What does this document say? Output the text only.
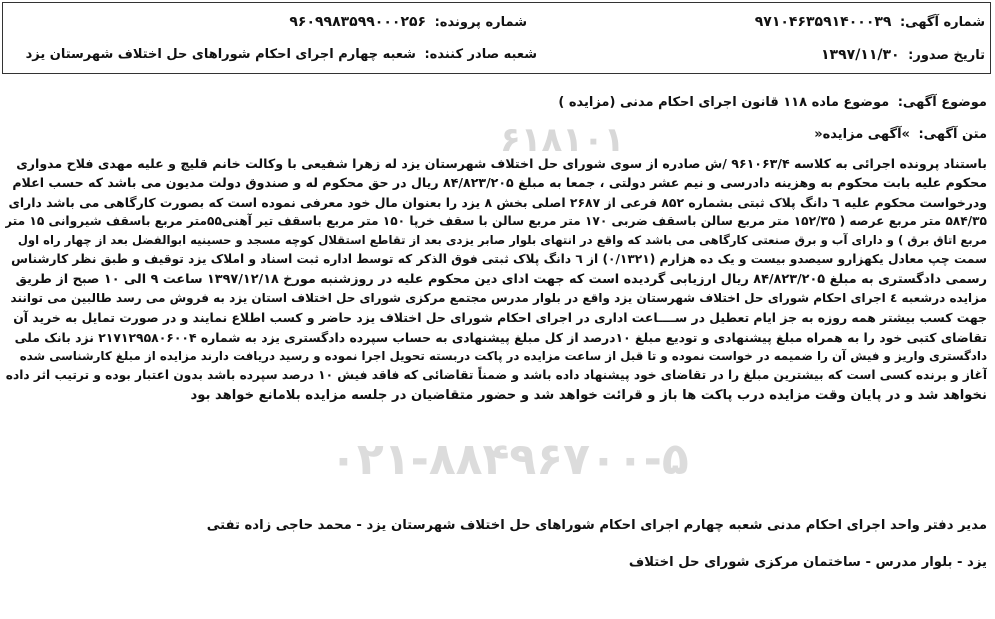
۶۱۸۱۰۱
۰۲۱-۸۸۴۹۶۷۰۰-۵
شماره آگهی: ۹۷۱۰۴۶۳۵۹۱۴۰۰۰۳۹
شماره پرونده: ۹۶۰۹۹۸۳۵۹۹۰۰۰۲۵۶
تاریخ صدور: ۱۳۹۷/۱۱/۳۰
شعبه صادر کننده: شعبه چهارم اجرای احکام شوراهای حل اختلاف شهرستان یزد
موضوع آگهی: موضوع ماده ۱۱۸ قانون اجرای احکام مدنی (مزایده )
متن آگهی: »آگهی مزایده«
باستناد پرونده اجرائی به کلاسه ۹۶۱۰۶۳/۴ /ش صادره از سوی شورای حل اختلاف شهرستان یزد له زهرا شفیعی با وکالت خانم قلیچ و علیه مهدی فلاح مدواری
محکوم علیه بابت محکوم به وهزینه دادرسی و نیم عشر دولتی ، جمعا به مبلغ ۸۴/۸۲۳/۲۰۵ ریال در حق محکوم له و صندوق دولت مدیون می باشد که حسب اعلام
ودرخواست محکوم علیه ٦ دانگ پلاک ثبتی بشماره ۸۵۲ فرعی از ۲۶۸۷ اصلی بخش ۸ یزد را بعنوان مال خود معرفی نموده است که بصورت کارگاهی می باشد دارای
۵۸۴/۳۵ متر مربع عرصه ( ۱۵۲/۳۵ متر مربع سالن باسقف ضربی ۱۷۰ متر مربع سالن با سقف خرپا ۱۵۰ متر مربع باسقف تیر آهنی۵۵متر مربع باسقف شیروانی ۱۵ متر
مربع اتاق برق ) و دارای آب و برق صنعتی کارگاهی می باشد که واقع در انتهای بلوار صابر یزدی بعد از تقاطع استقلال کوچه مسجد و حسینیه ابوالفضل بعد از چهار راه اول
سمت چپ معادل یکهزارو سیصدو بیست و یک ده هزارم (۰/۱۳۲۱) از ٦ دانگ پلاک ثبتی فوق الذکر که توسط اداره ثبت اسناد و املاک یزد توقیف و طبق نظر کارشناس
رسمی دادگستری به مبلغ ۸۴/۸۲۳/۲۰۵ ریال ارزیابی گردیده است که جهت ادای دین محکوم علیه در روزشنبه مورخ ۱۳۹۷/۱۲/۱۸ ساعت ۹ الی ۱۰ صبح از طریق
مزایده درشعبه ٤ اجرای احکام شورای حل اختلاف شهرستان یزد واقع در بلوار مدرس مجتمع مرکزی شورای حل اختلاف استان یزد به فروش می رسد طالبین می توانند
جهت کسب بیشتر همه روزه به جز ایام تعطیل در ســــاعت اداری در اجرای احکام شورای حل اختلاف یزد حاضر و کسب اطلاع نمایند و در صورت تمایل به خرید آن
تقاضای کتبی خود را به همراه مبلغ پیشنهادی و تودیع مبلغ ۱۰درصد از کل مبلغ پیشنهادی به حساب سپرده دادگستری یزد به شماره ۲۱۷۱۲۹۵۸۰۶۰۰۴ نزد بانک ملی
دادگستری واریز و فیش آن را ضمیمه در خواست نموده و تا قبل از ساعت مزایده در پاکت دربسته تحویل اجرا نموده و رسید دریافت دارند مزایده از مبلغ کارشناسی شده
آغاز و برنده کسی است که بیشترین مبلغ را در تقاضای خود پیشنهاد داده باشد و ضمناً تقاضائی که فاقد فیش ۱۰ درصد سپرده باشد بدون اعتبار بوده و ترتیب اثر داده
نخواهد شد و در پایان وقت مزایده درب پاکت ها باز و قرائت خواهد شد و حضور متقاضیان در جلسه مزایده بلامانع خواهد بود
مدیر دفتر واحد اجرای احکام مدنی شعبه چهارم اجرای احکام شوراهای حل اختلاف شهرستان یزد - محمد حاجی زاده تفتی
یزد - بلوار مدرس - ساختمان مرکزی شورای حل اختلاف
